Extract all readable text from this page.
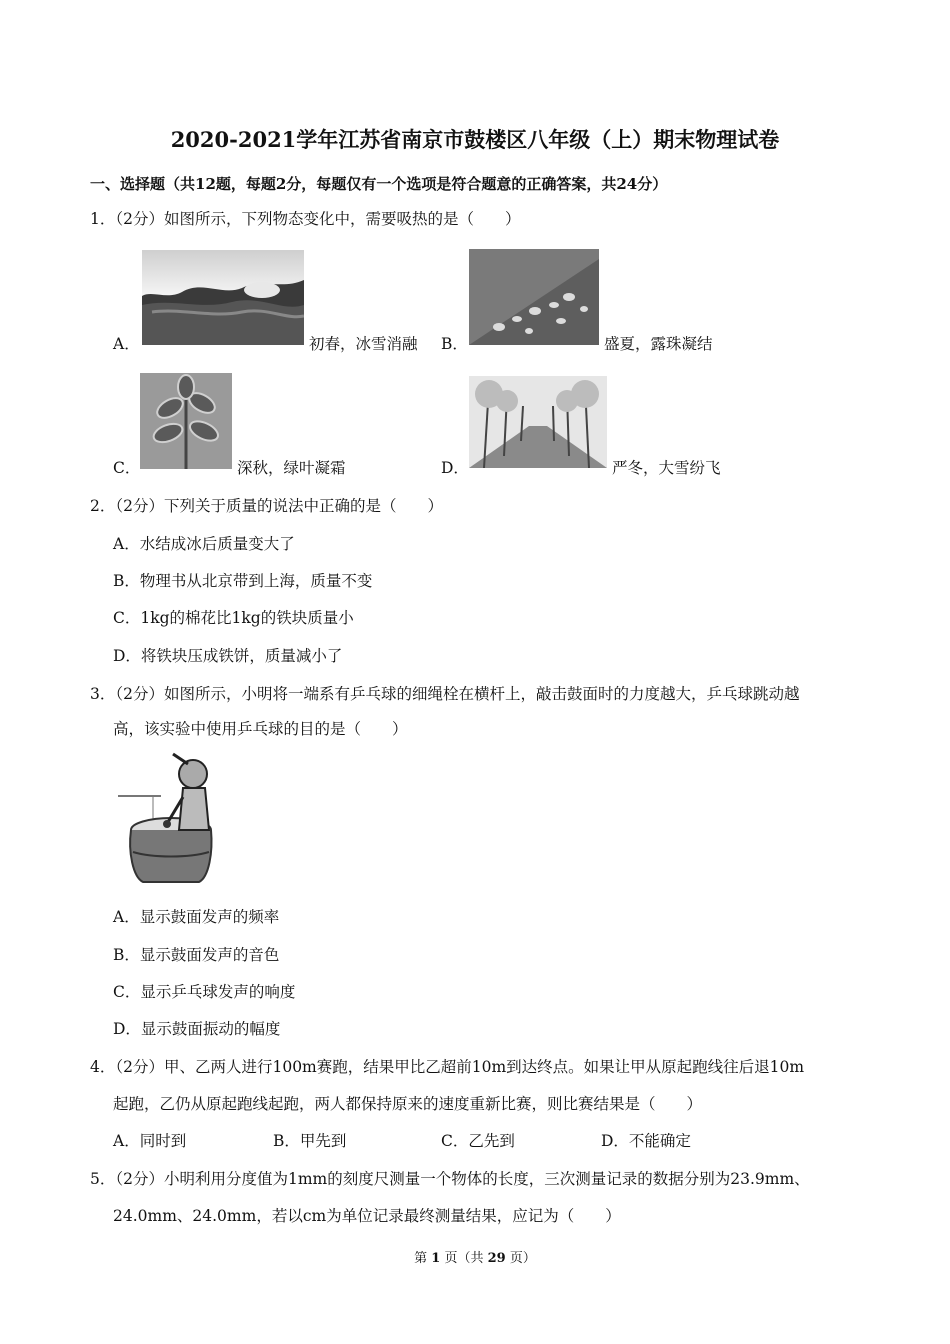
2020-2021学年江苏省南京市鼓楼区八年级（上）期末物理试卷
一、选择题（共12题，每题2分，每题仅有一个选项是符合题意的正确答案，共24分）
1．（2分）如图所示，下列物态变化中，需要吸热的是（　　）
A．	初春，冰雪消融 B．	盛夏，露珠凝结
C．	深秋，绿叶凝霜	D．	严冬，大雪纷飞
2．（2分）下列关于质量的说法中正确的是（　　）
A．水结成冰后质量变大了
B．物理书从北京带到上海，质量不变
C．1kg的棉花比1kg的铁块质量小
D．将铁块压成铁饼，质量减小了
3．（2分）如图所示，小明将一端系有乒乓球的细绳栓在横杆上，敲击鼓面时的力度越大，乒乓球跳动越
高，该实验中使用乒乓球的目的是（　　）
A．显示鼓面发声的频率
B．显示鼓面发声的音色
C．显示乒乓球发声的响度
D．显示鼓面振动的幅度
4．（2分）甲、乙两人进行100m赛跑，结果甲比乙超前10m到达终点。如果让甲从原起跑线往后退10m
起跑，乙仍从原起跑线起跑，两人都保持原来的速度重新比赛，则比赛结果是（　　）
A．同时到	B．甲先到	C．乙先到	D．不能确定
5．（2分）小明利用分度值为1mm的刻度尺测量一个物体的长度，三次测量记录的数据分别为23.9mm、
24.0mm、24.0mm，若以cm为单位记录最终测量结果，应记为（　　）
第 1 页（共 29 页）
